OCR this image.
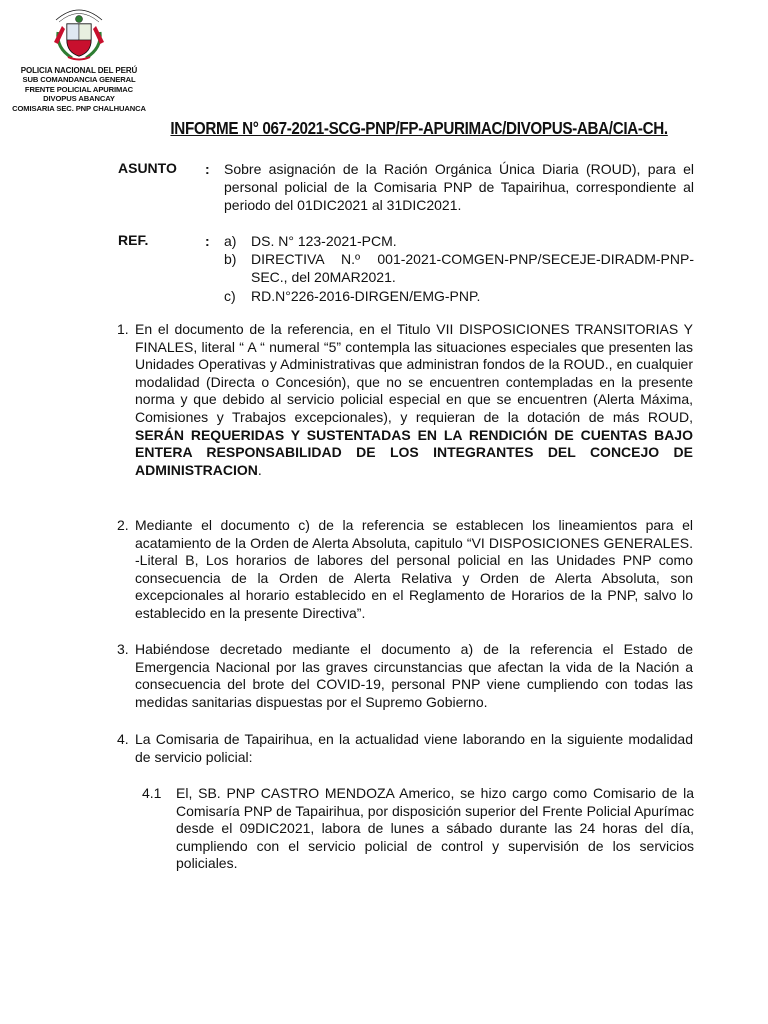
POLICIA NACIONAL DEL PERÚ
SUB COMANDANCIA GENERAL
FRENTE POLICIAL APURIMAC
DIVOPUS ABANCAY
COMISARIA SEC. PNP CHALHUANCA
INFORME N° 067-2021-SCG-PNP/FP-APURIMAC/DIVOPUS-ABA/CIA-CH.
ASUNTO : Sobre asignación de la Ración Orgánica Única Diaria (ROUD), para el personal policial de la Comisaria PNP de Tapairihua, correspondiente al periodo del 01DIC2021 al 31DIC2021.
REF.	: a)	DS. N° 123-2021-PCM.
b)	DIRECTIVA N.º 001-2021-COMGEN-PNP/SECEJE-DIRADM-PNP-SEC., del 20MAR2021.
c)	RD.N°226-2016-DIRGEN/EMG-PNP.
1. En el documento de la referencia, en el Titulo VII DISPOSICIONES TRANSITORIAS Y FINALES, literal “ A “ numeral “5” contempla las situaciones especiales que presenten las Unidades Operativas y Administrativas que administran fondos de la ROUD., en cualquier modalidad (Directa o Concesión), que no se encuentren contempladas en la presente norma y que debido al servicio policial especial en que se encuentren (Alerta Máxima, Comisiones y Trabajos excepcionales), y requieran de la dotación de más ROUD, SERÁN REQUERIDAS Y SUSTENTADAS EN LA RENDICIÓN DE CUENTAS BAJO ENTERA RESPONSABILIDAD DE LOS INTEGRANTES DEL CONCEJO DE ADMINISTRACION.
2. Mediante el documento c) de la referencia se establecen los lineamientos para el acatamiento de la Orden de Alerta Absoluta, capitulo “VI DISPOSICIONES GENERALES. -Literal B, Los horarios de labores del personal policial en las Unidades PNP como consecuencia de la Orden de Alerta Relativa y Orden de Alerta Absoluta, son excepcionales al horario establecido en el Reglamento de Horarios de la PNP, salvo lo establecido en la presente Directiva”.
3. Habiéndose decretado mediante el documento a) de la referencia el Estado de Emergencia Nacional por las graves circunstancias que afectan la vida de la Nación a consecuencia del brote del COVID-19, personal PNP viene cumpliendo con todas las medidas sanitarias dispuestas por el Supremo Gobierno.
4. La Comisaria de Tapairihua, en la actualidad viene laborando en la siguiente modalidad de servicio policial:
4.1 El, SB. PNP CASTRO MENDOZA Americo, se hizo cargo como Comisario de la Comisaría PNP de Tapairihua, por disposición superior del Frente Policial Apurímac desde el 09DIC2021, labora de lunes a sábado durante las 24 horas del día, cumpliendo con el servicio policial de control y supervisión de los servicios policiales.
